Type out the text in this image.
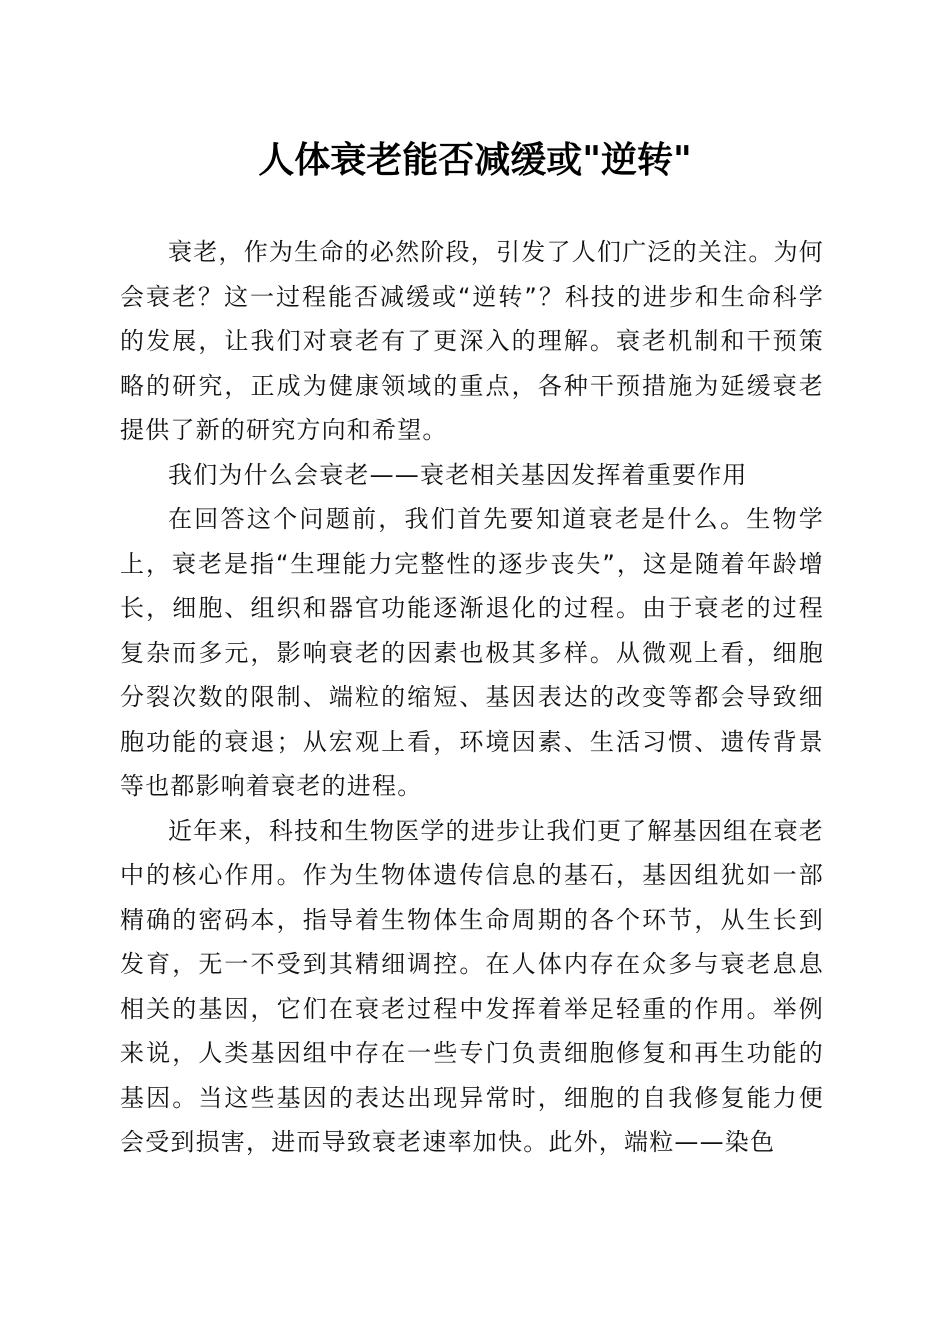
人体衰老能否减缓或"逆转"

衰老，作为生命的必然阶段，引发了人们广泛的关注。为何会衰老？这一过程能否减缓或“逆转”？科技的进步和生命科学的发展，让我们对衰老有了更深入的理解。衰老机制和干预策略的研究，正成为健康领域的重点，各种干预措施为延缓衰老提供了新的研究方向和希望。

我们为什么会衰老——衰老相关基因发挥着重要作用

在回答这个问题前，我们首先要知道衰老是什么。生物学上，衰老是指“生理能力完整性的逐步丧失”，这是随着年龄增长，细胞、组织和器官功能逐渐退化的过程。由于衰老的过程复杂而多元，影响衰老的因素也极其多样。从微观上看，细胞分裂次数的限制、端粒的缩短、基因表达的改变等都会导致细胞功能的衰退；从宏观上看，环境因素、生活习惯、遗传背景等也都影响着衰老的进程。

近年来，科技和生物医学的进步让我们更了解基因组在衰老中的核心作用。作为生物体遗传信息的基石，基因组犹如一部精确的密码本，指导着生物体生命周期的各个环节，从生长到发育，无一不受到其精细调控。在人体内存在众多与衰老息息相关的基因，它们在衰老过程中发挥着举足轻重的作用。举例来说，人类基因组中存在一些专门负责细胞修复和再生功能的基因。当这些基因的表达出现异常时，细胞的自我修复能力便会受到损害，进而导致衰老速率加快。此外，端粒——染色
